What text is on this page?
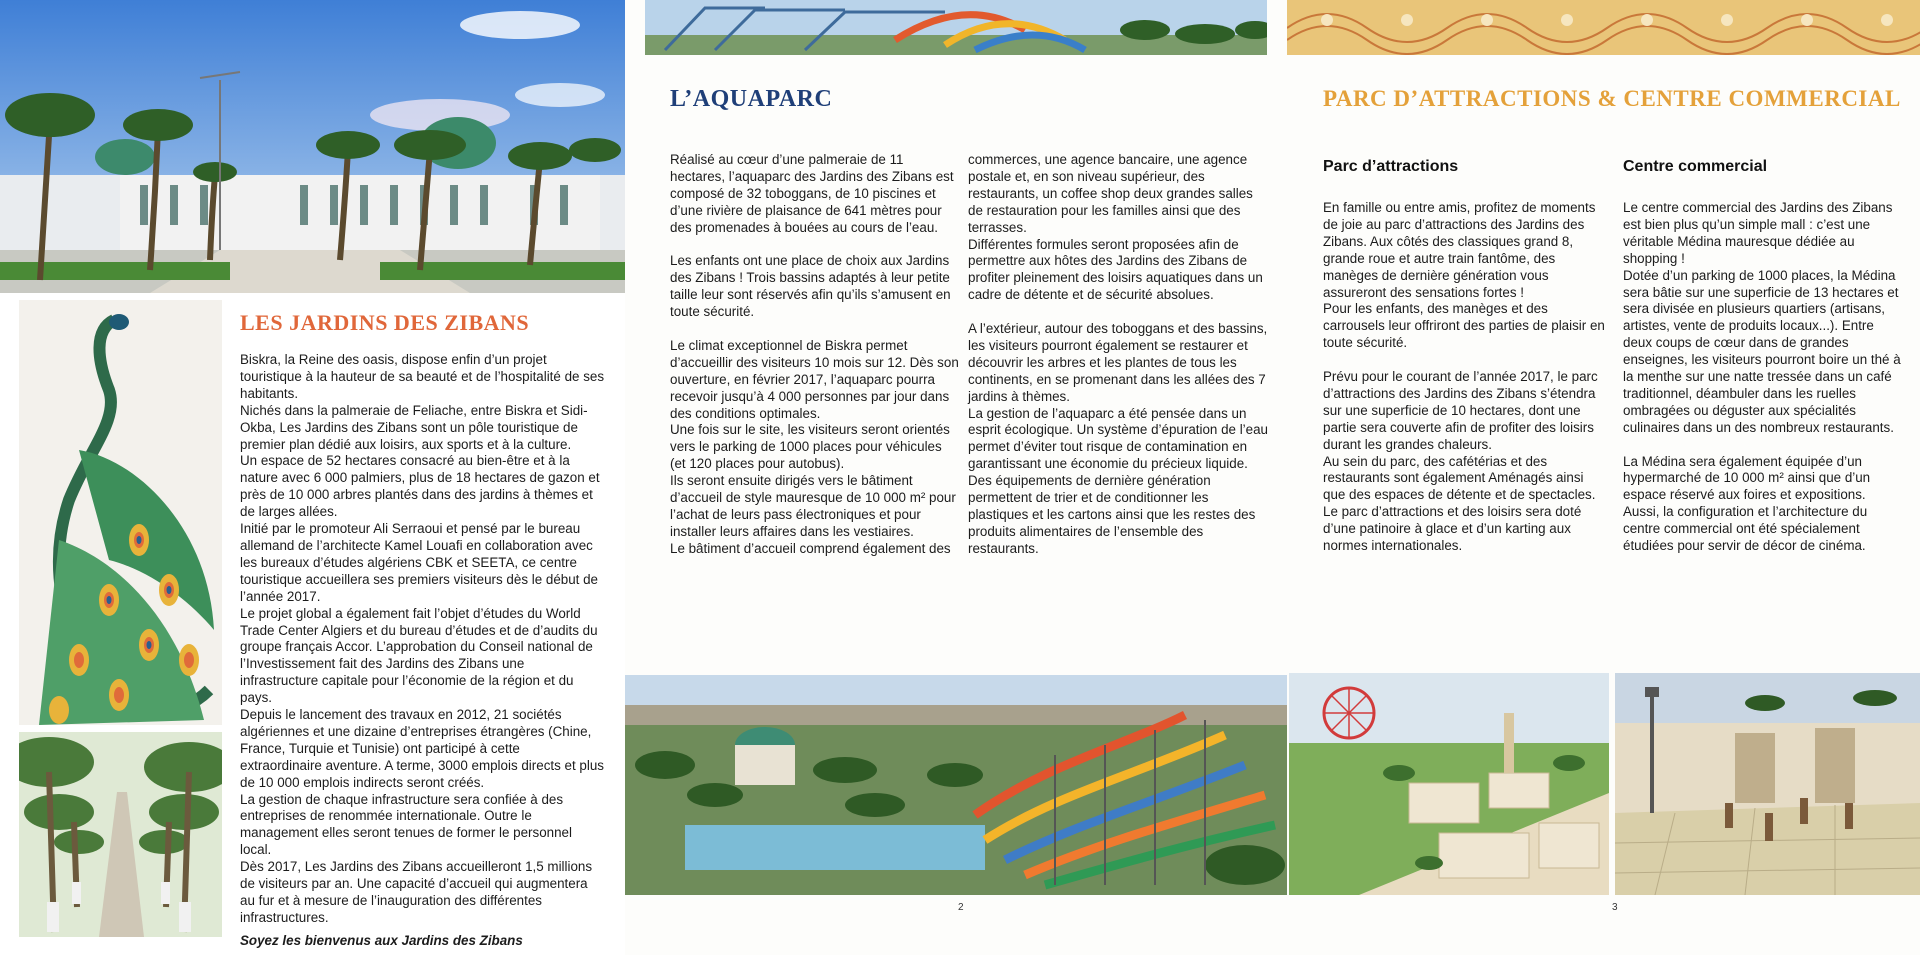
LES JARDINS DES ZIBANS

Biskra, la Reine des oasis, dispose enfin d’un projet touristique à la hauteur de sa beauté et de l’hospitalité de ses habitants.

Nichés dans la palmeraie de Feliache, entre Biskra et Sidi-Okba, Les Jardins des Zibans sont un pôle touristique de premier plan dédié aux loisirs, aux sports et à la culture.

Un espace de 52 hectares consacré au bien-être et à la nature avec 6 000 palmiers, plus de 18 hectares de gazon et près de 10 000 arbres plantés dans des jardins à thèmes et de larges allées.

Initié par le promoteur Ali Serraoui et pensé par le bureau allemand de l’architecte Kamel Louafi en collaboration avec les bureaux d’études algériens CBK et SEETA, ce centre touristique accueillera ses premiers visiteurs dès le début de l’année 2017.

Le projet global a également fait l’objet d’études du World Trade Center Algiers et du bureau d’études et de d’audits du groupe français Accor. L’approbation du Conseil national de l’Investissement fait des Jardins des Zibans une infrastructure capitale pour l’économie de la région et du pays.

Depuis le lancement des travaux en 2012, 21 sociétés algériennes et une dizaine d’entreprises étrangères (Chine, France, Turquie et Tunisie) ont participé à cette extraordinaire aventure. A terme, 3000 emplois directs et plus de 10 000 emplois indirects seront créés.

La gestion de chaque infrastructure sera confiée à des entreprises de renommée internationale. Outre le management elles seront tenues de former le personnel local.

Dès 2017, Les Jardins des Zibans accueilleront 1,5 millions de visiteurs par an. Une capacité d’accueil qui augmentera au fur et à mesure de l’inauguration des différentes infrastructures.

Soyez les bienvenus aux Jardins des Zibans

L’AQUAPARC

Réalisé au cœur d’une palmeraie de 11 hectares, l’aquaparc des Jardins des Zibans est composé de 32 toboggans, de 10 piscines et d’une rivière de plaisance de 641 mètres pour des promenades à bouées au cours de l’eau.

Les enfants ont une place de choix aux Jardins des Zibans ! Trois bassins adaptés à leur petite taille leur sont réservés afin qu’ils s’amusent en toute sécurité.

Le climat exceptionnel de Biskra permet d’accueillir des visiteurs 10 mois sur 12. Dès son ouverture, en février 2017, l’aquaparc pourra recevoir jusqu’à 4 000 personnes par jour dans des conditions optimales.
Une fois sur le site, les visiteurs seront orientés vers le parking de 1000 places pour véhicules (et 120 places pour autobus).
Ils seront ensuite dirigés vers le bâtiment d’accueil de style mauresque de 10 000 m² pour l’achat de leurs pass électroniques et pour installer leurs affaires dans les vestiaires.
Le bâtiment d’accueil comprend également des

commerces, une agence bancaire, une agence postale et, en son niveau supérieur, des restaurants, un coffee shop deux grandes salles de restauration pour les familles ainsi que des terrasses.
Différentes formules seront proposées afin de permettre aux hôtes des Jardins des Zibans de profiter pleinement des loisirs aquatiques dans un cadre de détente et de sécurité absolues.

A l’extérieur, autour des toboggans et des bassins, les visiteurs pourront également se restaurer et découvrir les arbres et les plantes de tous les continents, en se promenant dans les allées des 7 jardins à thèmes.
La gestion de l’aquaparc a été pensée dans un esprit écologique. Un système d’épuration de l’eau permet d’éviter tout risque de contamination en garantissant une économie du précieux liquide. Des équipements de dernière génération permettent de trier et de conditionner les plastiques et les cartons ainsi que les restes des produits alimentaires de l’ensemble des restaurants.

2
PARC D’ATTRACTIONS & CENTRE COMMERCIAL
Parc d’attractions	Centre commercial

En famille ou entre amis, profitez de moments de joie au parc d’attractions des Jardins des Zibans. Aux côtés des classiques grand 8, grande roue et autre train fantôme, des manèges de dernière génération vous assureront des sensations fortes !
Pour les enfants, des manèges et des carrousels leur offriront des parties de plaisir en toute sécurité.

Prévu pour le courant de l’année 2017, le parc d’attractions des Jardins des Zibans s’étendra sur une superficie de 10 hectares, dont une partie sera couverte afin de profiter des loisirs durant les grandes chaleurs.
Au sein du parc, des cafétérias et des restaurants sont également Aménagés ainsi que des espaces de détente et de spectacles.
Le parc d’attractions et des loisirs sera doté d’une patinoire à glace et d’un karting aux normes internationales.

Le centre commercial des Jardins des Zibans est bien plus qu’un simple mall : c’est une véritable Médina mauresque dédiée au shopping !
Dotée d’un parking de 1000 places, la Médina sera bâtie sur une superficie de 13 hectares et sera divisée en plusieurs quartiers (artisans, artistes, vente de produits locaux...). Entre deux coups de cœur dans de grandes enseignes, les visiteurs pourront boire un thé à la menthe sur une natte tressée dans un café traditionnel, déambuler dans les ruelles ombragées ou déguster aux spécialités culinaires dans un des nombreux restaurants.

La Médina sera également équipée d’un hypermarché de 10 000 m² ainsi que d’un espace réservé aux foires et expositions.
Aussi, la configuration et l’architecture du centre commercial ont été spécialement étudiées pour servir de décor de cinéma.

3
